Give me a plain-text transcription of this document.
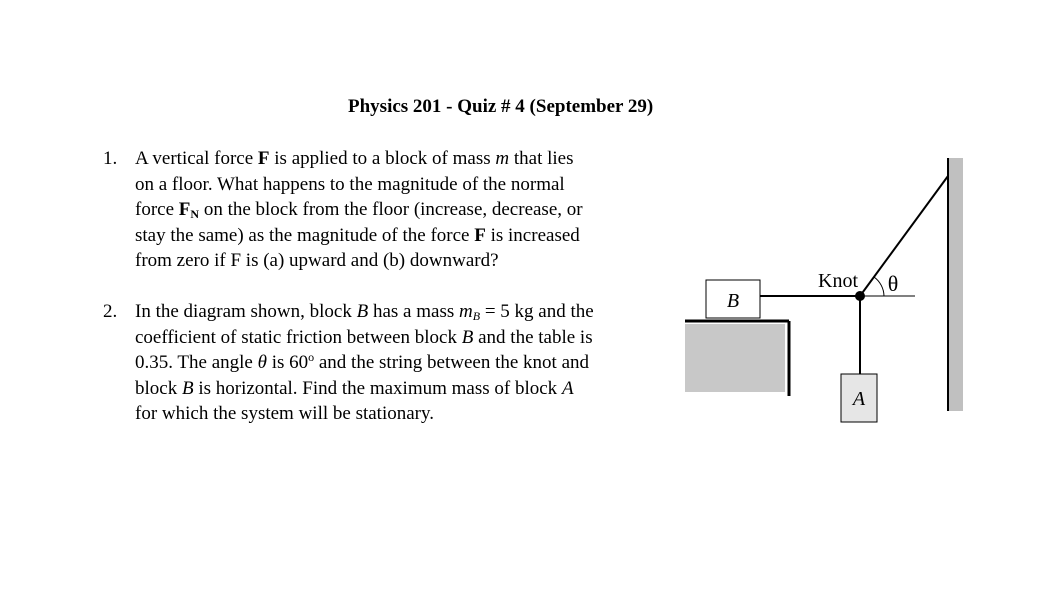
Physics 201 - Quiz # 4 (September 29)
1. A vertical force F is applied to a block of mass m that lies
on a floor. What happens to the magnitude of the normal
force $F_N$ on the block from the floor (increase, decrease, or
stay the same) as the magnitude of the force F is increased
from zero if F is (a) upward and (b) downward?
2. In the diagram shown, block B has a mass $m_B = 5$ kg and the
coefficient of static friction between block B and the table is
0.35. The angle θ is 60$^o$ and the string between the knot and
block B is horizontal. Find the maximum mass of block A
for which the system will be stationary.
B
Knot θ
A
